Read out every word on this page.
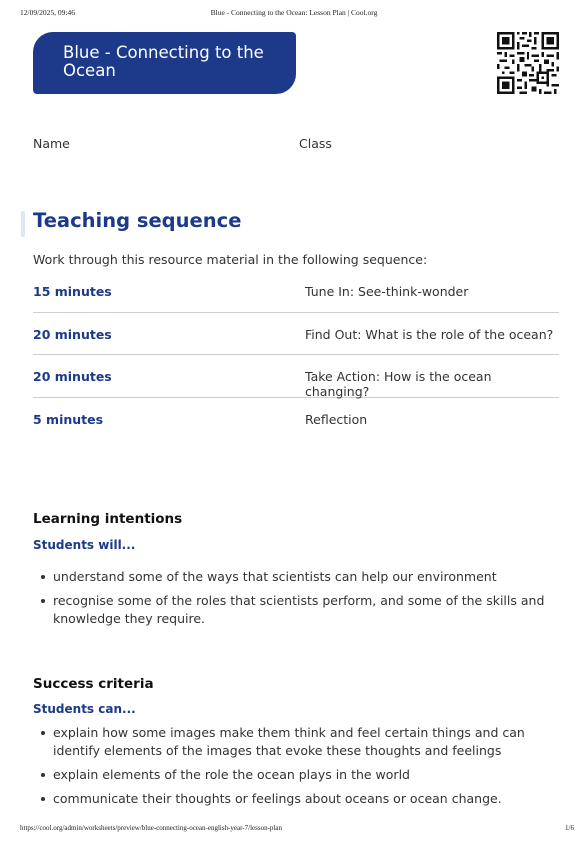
12/09/2025, 09:46	Blue - Connecting to the Ocean: Lesson Plan | Cool.org
Blue - Connecting to the Ocean
Name	Class
Teaching sequence

Work through this resource material in the following sequence:

15 minutes	Tune In: See-think-wonder
20 minutes	Find Out: What is the role of the ocean?
20 minutes	Take Action: How is the ocean changing?
5 minutes	Reflection
Learning intentions
Students will...
understand some of the ways that scientists can help our environment
recognise some of the roles that scientists perform, and some of the skills and knowledge they require.
Success criteria
Students can...
explain how some images make them think and feel certain things and can identify elements of the images that evoke these thoughts and feelings
explain elements of the role the ocean plays in the world
communicate their thoughts or feelings about oceans or ocean change.
https://cool.org/admin/worksheets/preview/blue-connecting-ocean-english-year-7/lesson-plan	1/6
